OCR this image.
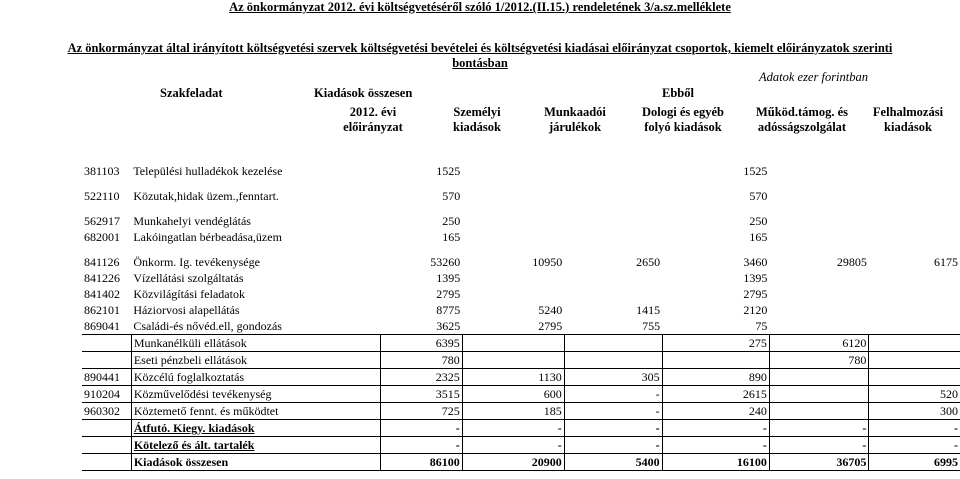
Az önkormányzat 2012. évi költségvetéséről szóló 1/2012.(II.15.) rendeletének 3/a.sz.melléklete
Az önkormányzat által irányított költségvetési szervek költségvetési bevételei és költségvetési kiadásai előirányzat csoportok, kiemelt előirányzatok szerinti
bontásban
Adatok ezer forintban
Szakfeladat	Kiadások összesen	Ebből
2012. évi
előirányzat
Személyi
kiadások
Munkaadói
járulékok
Dologi és egyéb
folyó kiadások
Működ.támog. és
adósságszolgálat
Felhalmozási
kiadások
381103	Települési hulladékok kezelése	1525			1525		

522110	Közutak,hidak üzem.,fenntart.	570			570		

562917	Munkahelyi vendéglátás	250			250		
682001	Lakóingatlan bérbeadása,üzem	165			165		

841126	Önkorm. Ig. tevékenysége	53260	10950	2650	3460	29805	6175
841226	Vízellátási szolgáltatás	1395			1395		
841402	Közvilágítási feladatok	2795			2795		
862101	Háziorvosi alapellátás	8775	5240	1415	2120		
869041	Családi-és nővéd.ell, gondozás	3625	2795	755	75		
	Munkanélküli ellátások	6395			275	6120	
	Eseti pénzbeli ellátások	780				780	
890441	Közcélú foglalkoztatás	2325	1130	305	890		
910204	Közművelődési tevékenység	3515	600	-	2615		520
960302	Köztemető fennt. és működtet	725	185	-	240		300
	Átfutó. Kiegy. kiadások	-	-	-	-	-	-
	Kötelező és ált. tartalék	-	-	-	-	-	-
	Kiadások összesen	86100	20900	5400	16100	36705	6995
